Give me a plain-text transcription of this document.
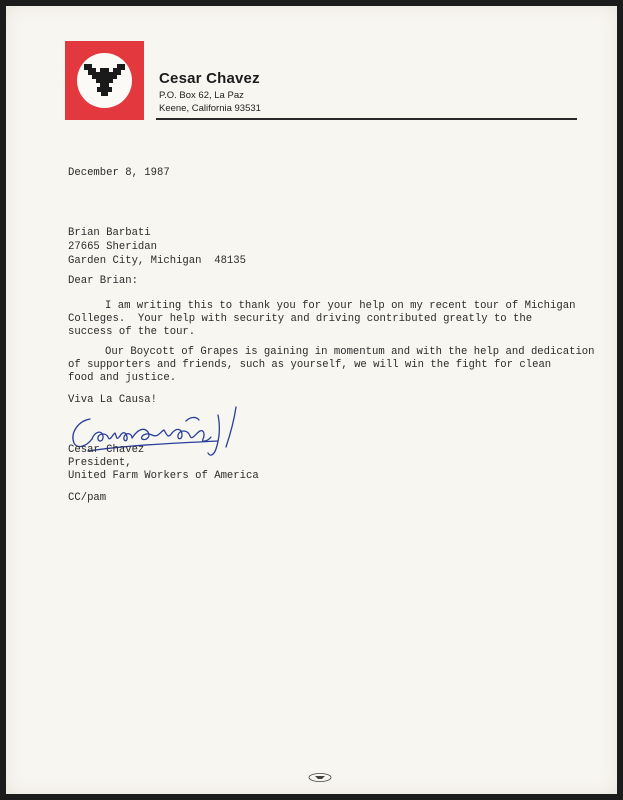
Cesar Chavez
P.O. Box 62, La Paz
Keene, California 93531
December 8, 1987
Brian Barbati
27665 Sheridan
Garden City, Michigan  48135
Dear Brian:
I am writing this to thank you for your help on my recent tour of Michigan
Colleges.  Your help with security and driving contributed greatly to the
success of the tour.
Our Boycott of Grapes is gaining in momentum and with the help and dedication
of supporters and friends, such as yourself, we will win the fight for clean
food and justice.
Viva La Causa!
Cesar Chavez
President,
United Farm Workers of America
CC/pam
